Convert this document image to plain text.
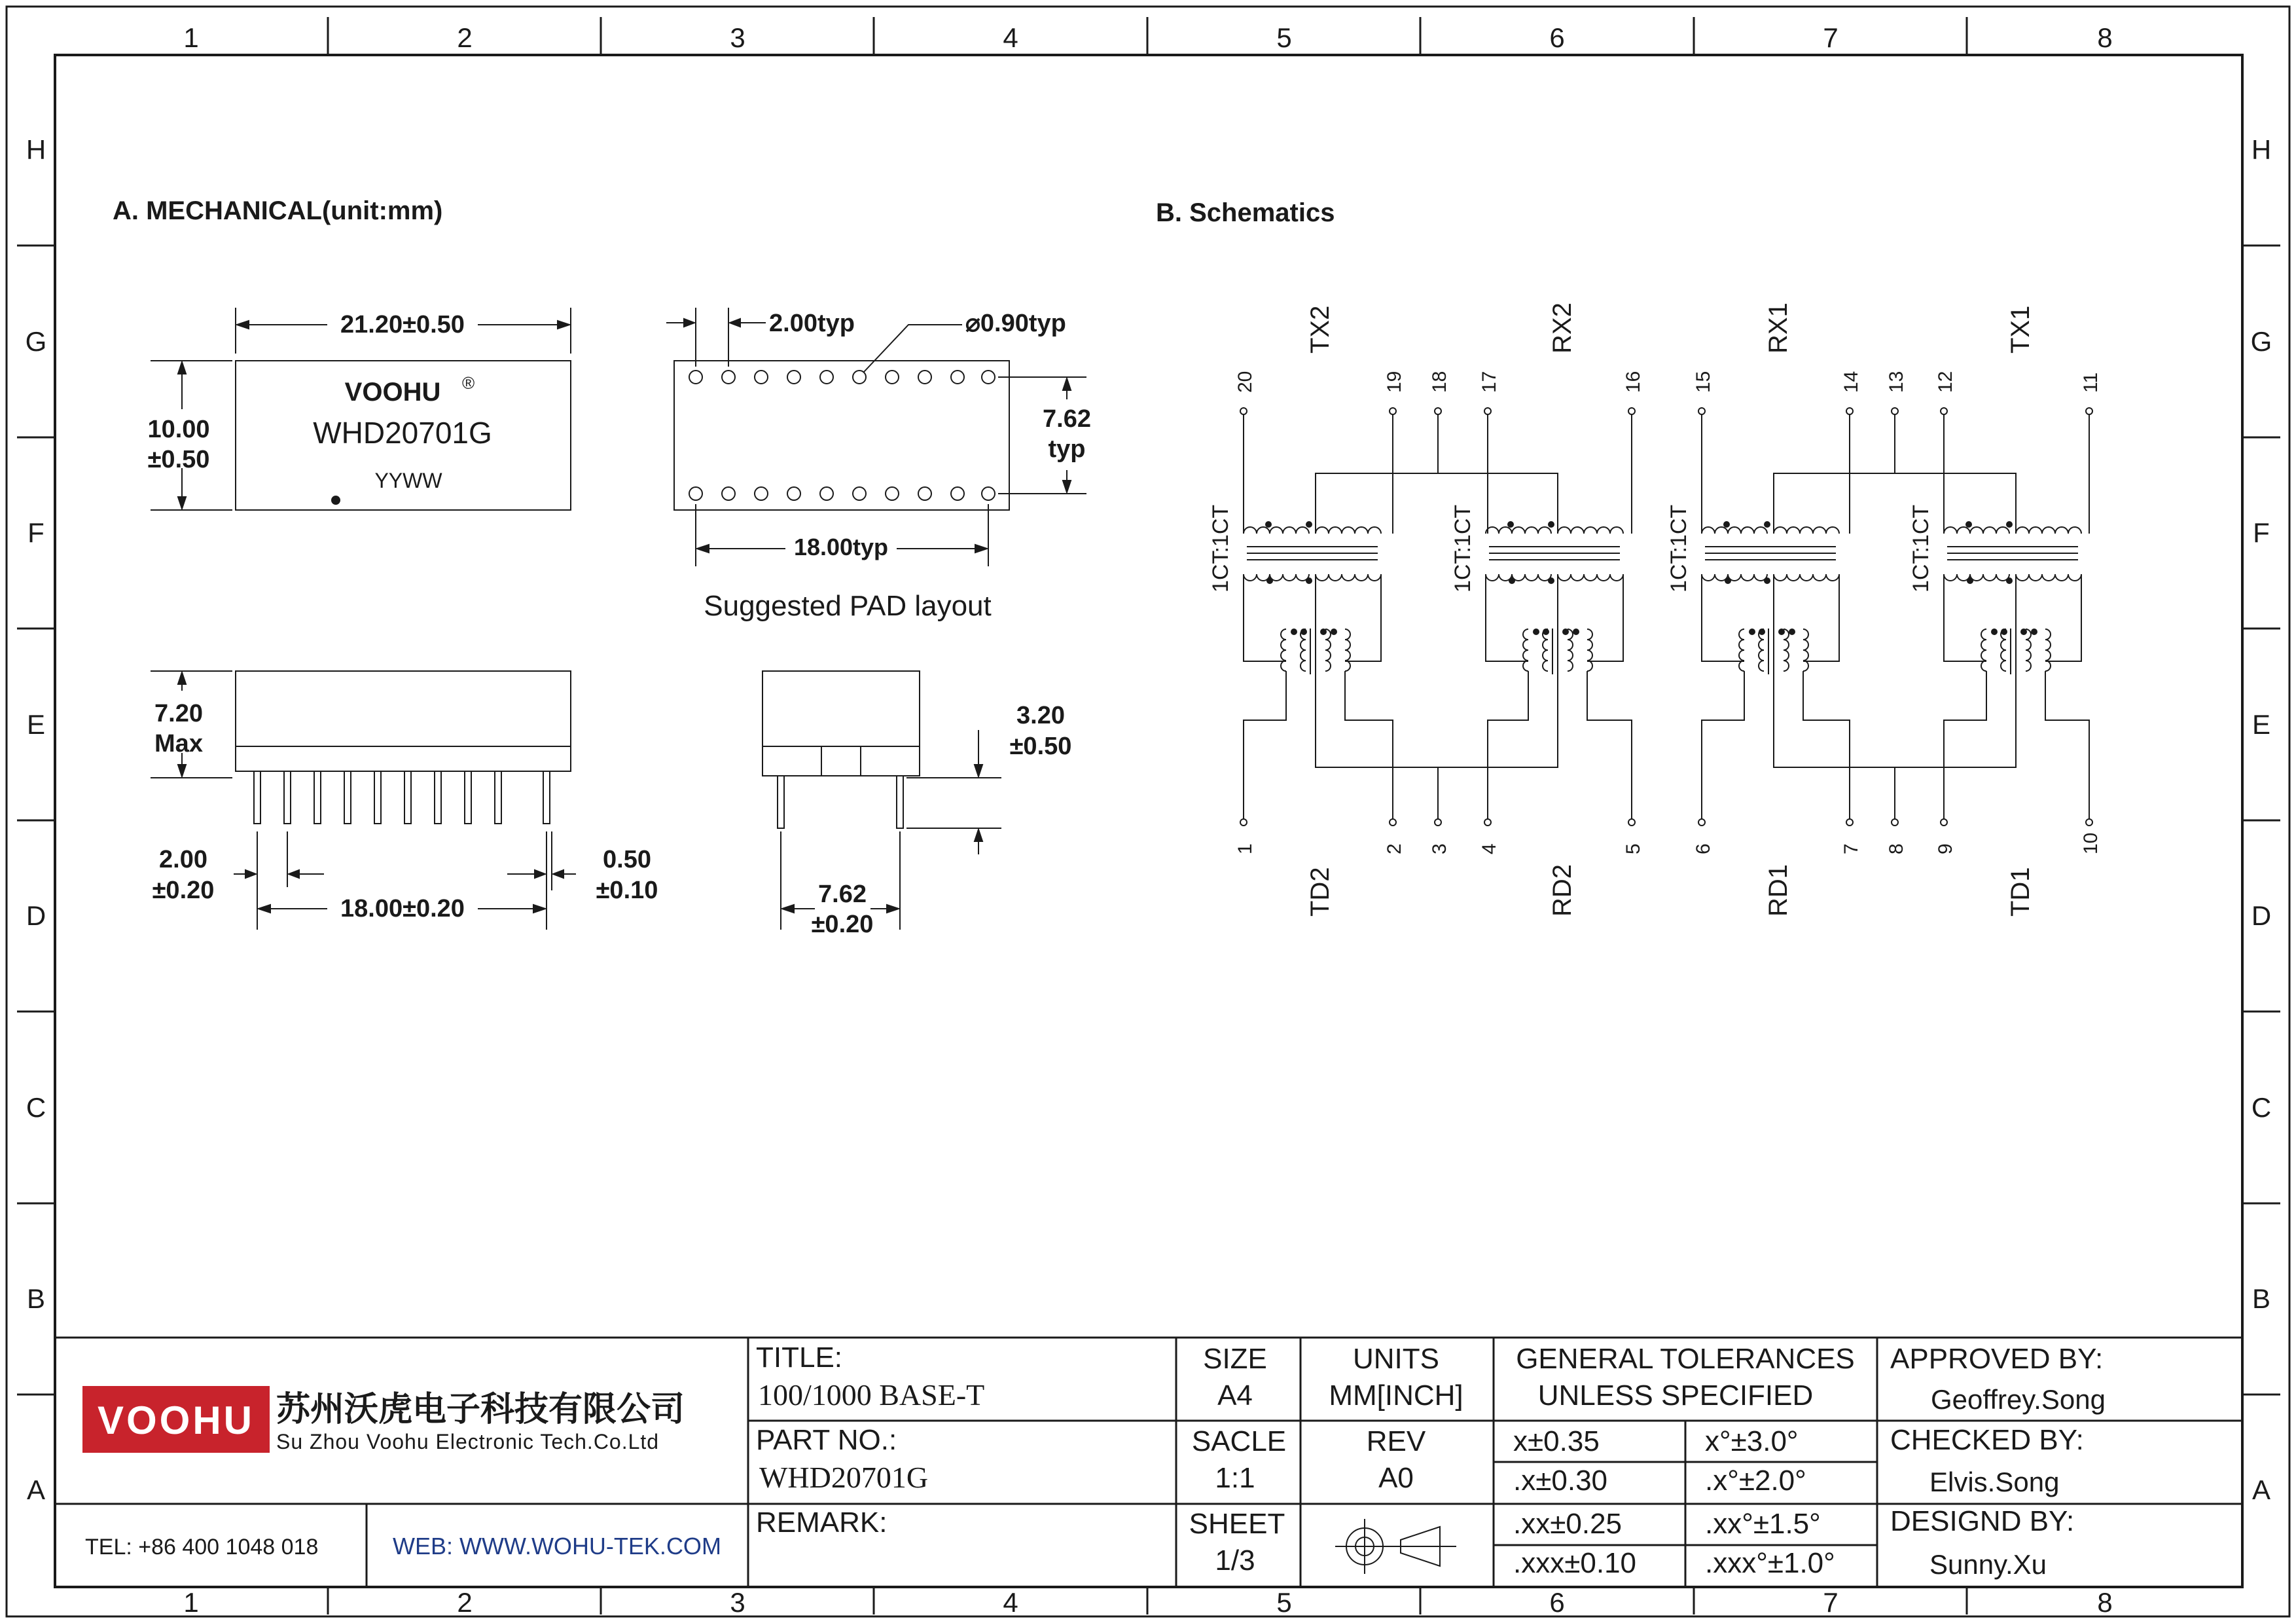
1	2	3	4	5	6	7	8
1	2	3	4	5	6	7	8
H
G
F
E
D
C
B
A
H
G
F
E
D
C
B
A
A. MECHANICAL(unit:mm)
21.20±0.50
10.00
±0.50
VOOHU ®
WHD20701G
YYWW
2.00typ	⌀0.90typ
7.62
typ
18.00typ
Suggested PAD layout
7.20
Max
2.00
±0.20
18.00±0.20
0.50
±0.10
3.20
±0.50
7.62
±0.20
B. Schematics
TX2	RX2	RX1	TX1
TD2	RD2	RD1	TD1
1CT:1CT	1CT:1CT	1CT:1CT	1CT:1CT
20	19 18 17	16 15	14 13 12	11
1	2 3 4	5 6	7 8 9	10
VOOHU 苏州沃虎电子科技有限公司
Su Zhou Voohu Electronic Tech.Co.Ltd
TEL: +86 400 1048 018	WEB: WWW.WOHU-TEK.COM
TITLE:
100/1000 BASE-T
PART NO.:
WHD20701G
REMARK:
SIZE
A4
SACLE
1:1
SHEET
1/3
UNITS
MM[INCH]
REV
A0
GENERAL TOLERANCES
UNLESS SPECIFIED
x±0.35	x°±3.0°
.x±0.30	.x°±2.0°
.xx±0.25	.xx°±1.5°
.xxx±0.10 .xxx°±1.0°
APPROVED BY:
Geoffrey.Song
CHECKED BY:
Elvis.Song
DESIGND BY:
Sunny.Xu
